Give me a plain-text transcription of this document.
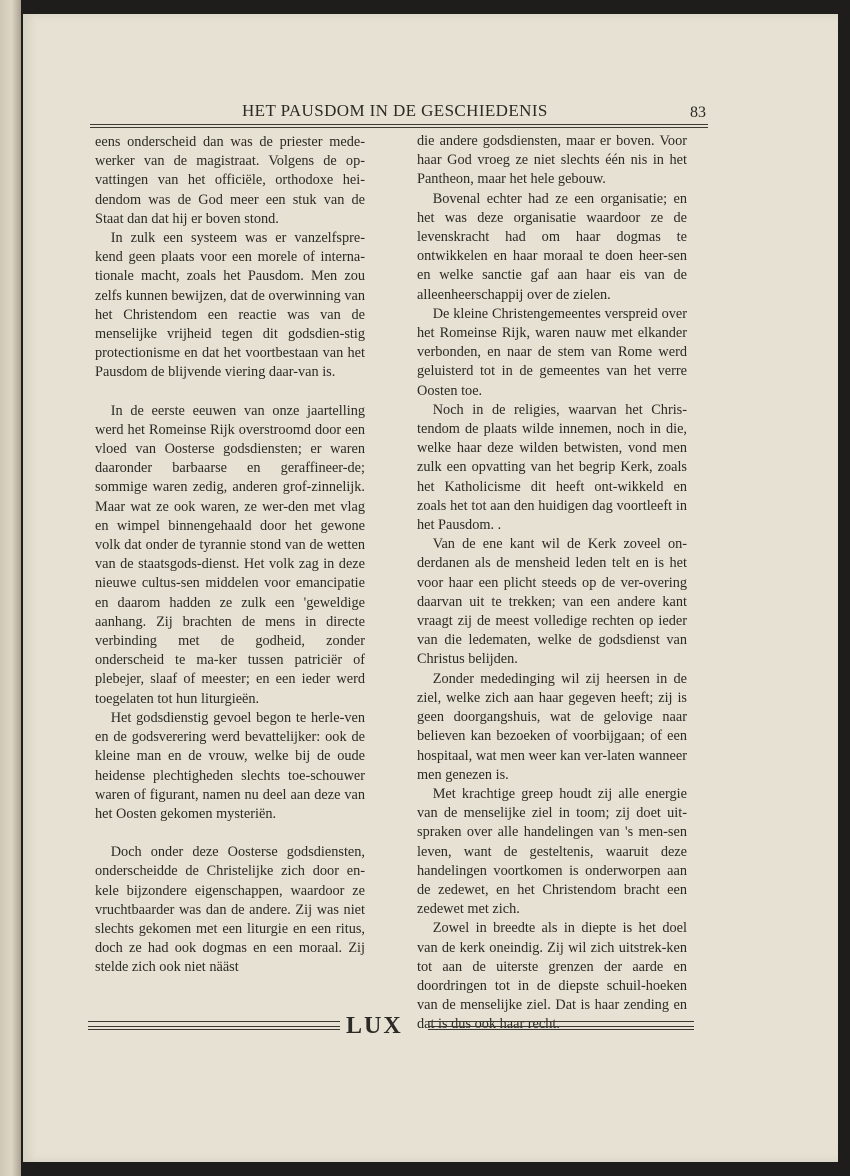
HET PAUSDOM IN DE GESCHIEDENIS	83

eens onderscheid dan was de priester mede-werker van de magistraat. Volgens de op-vattingen van het officiële, orthodoxe hei-dendom was de God meer een stuk van de Staat dan dat hij er boven stond.

In zulk een systeem was er vanzelfspre-kend geen plaats voor een morele of interna-tionale macht, zoals het Pausdom. Men zou zelfs kunnen bewijzen, dat de overwinning van het Christendom een reactie was van de menselijke vrijheid tegen dit godsdien-stig protectionisme en dat het voortbestaan van het Pausdom de blijvende viering daar-van is.

In de eerste eeuwen van onze jaartelling werd het Romeinse Rijk overstroomd door een vloed van Oosterse godsdiensten; er waren daaronder barbaarse en geraffineer-de; sommige waren zedig, anderen grof-zinnelijk. Maar wat ze ook waren, ze wer-den met vlag en wimpel binnengehaald door het gewone volk dat onder de tyrannie stond van de wetten van de staatsgods-dienst. Het volk zag in deze nieuwe cultus-sen middelen voor emancipatie en daarom hadden ze zulk een 'geweldige aanhang. Zij brachten de mens in directe verbinding met de godheid, zonder onderscheid te ma-ker tussen patriciër of plebejer, slaaf of meester; en een ieder werd toegelaten tot hun liturgieën.

Het godsdienstig gevoel begon te herle-ven en de godsverering werd bevattelijker: ook de kleine man en de vrouw, welke bij de oude heidense plechtigheden slechts toe-schouwer waren of figurant, namen nu deel aan deze van het Oosten gekomen mysteriën.

Doch onder deze Oosterse godsdiensten, onderscheidde de Christelijke zich door en-kele bijzondere eigenschappen, waardoor ze vruchtbaarder was dan de andere. Zij was niet slechts gekomen met een liturgie en een ritus, doch ze had ook dogmas en een moraal. Zij stelde zich ook niet nääst

die andere godsdiensten, maar er boven. Voor haar God vroeg ze niet slechts één nis in het Pantheon, maar het hele gebouw.

Bovenal echter had ze een organisatie; en het was deze organisatie waardoor ze de levenskracht had om haar dogmas te ontwikkelen en haar moraal te doen heer-sen en welke sanctie gaf aan haar eis van de alleenheerschappij over de zielen.

De kleine Christengemeentes verspreid over het Romeinse Rijk, waren nauw met elkander verbonden, en naar de stem van Rome werd geluisterd tot in de gemeentes van het verre Oosten toe.

Noch in de religies, waarvan het Chris-tendom de plaats wilde innemen, noch in die, welke haar deze wilden betwisten, vond men zulk een opvatting van het begrip Kerk, zoals het Katholicisme dit heeft ont-wikkeld en zoals het tot aan den huidigen dag voortleeft in het Pausdom. .

Van de ene kant wil de Kerk zoveel on-derdanen als de mensheid leden telt en is het voor haar een plicht steeds op de ver-overing daarvan uit te trekken; van een andere kant vraagt zij de meest volledige rechten op ieder van die ledematen, welke de godsdienst van Christus belijden.

Zonder mededinging wil zij heersen in de ziel, welke zich aan haar gegeven heeft; zij is geen doorgangshuis, wat de gelovige naar believen kan bezoeken of voorbijgaan; of een hospitaal, wat men weer kan ver-laten wanneer men genezen is.

Met krachtige greep houdt zij alle energie van de menselijke ziel in toom; zij doet uit-spraken over alle handelingen van 's men-sen leven, want de gesteltenis, waaruit deze handelingen voortkomen is onderworpen aan de zedewet, en het Christendom bracht een zedewet met zich.

Zowel in breedte als in diepte is het doel van de kerk oneindig. Zij wil zich uitstrek-ken tot aan de uiterste grenzen der aarde en doordringen tot in de diepste schuil-hoeken van de menselijke ziel. Dat is haar zending en dat is dus ook haar recht.

LUX
